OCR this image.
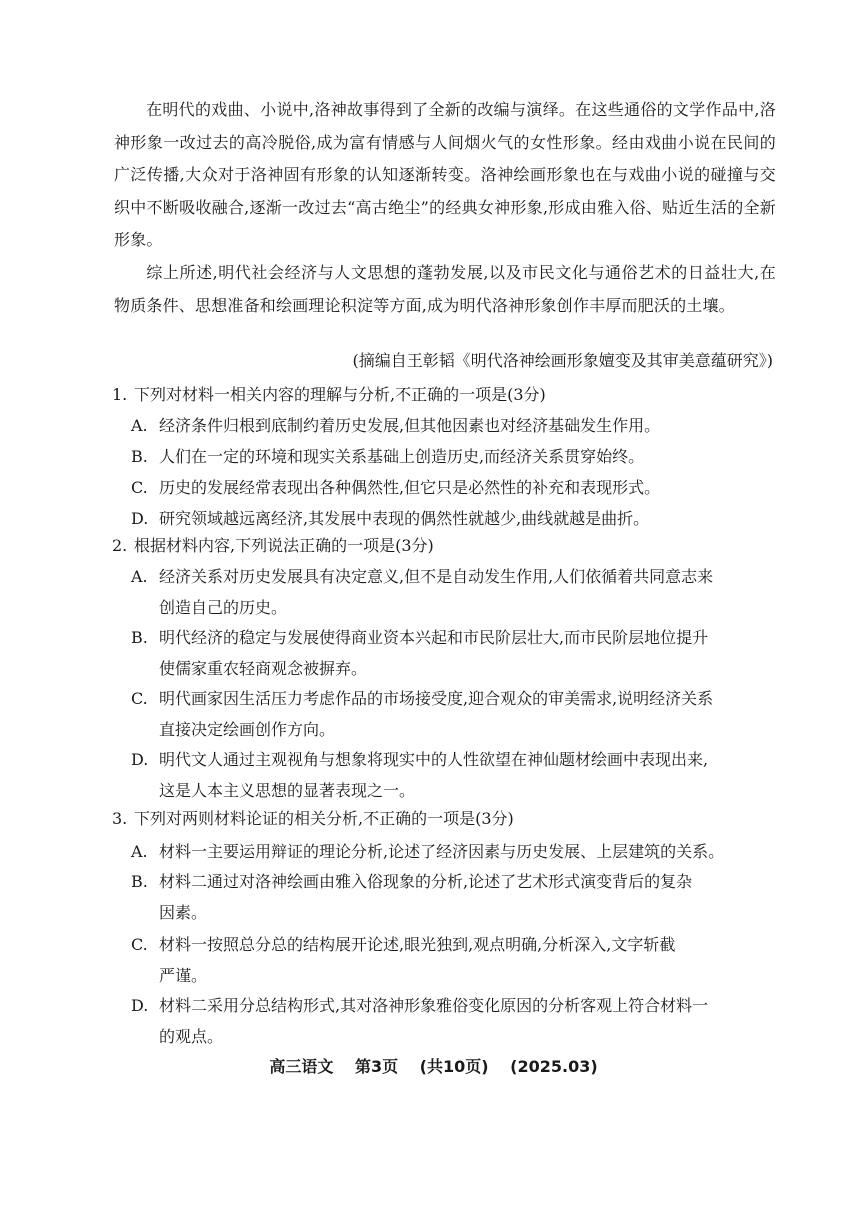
在明代的戏曲、小说中,洛神故事得到了全新的改编与演绎。在这些通俗的文学作品中,洛神形象一改过去的高冷脱俗,成为富有情感与人间烟火气的女性形象。经由戏曲小说在民间的广泛传播,大众对于洛神固有形象的认知逐渐转变。洛神绘画形象也在与戏曲小说的碰撞与交织中不断吸收融合,逐渐一改过去“高古绝尘”的经典女神形象,形成由雅入俗、贴近生活的全新形象。
综上所述,明代社会经济与人文思想的蓬勃发展,以及市民文化与通俗艺术的日益壮大,在物质条件、思想准备和绘画理论积淀等方面,成为明代洛神形象创作丰厚而肥沃的土壤。
(摘编自王彰韬《明代洛神绘画形象嬗变及其审美意蕴研究》)
1. 下列对材料一相关内容的理解与分析,不正确的一项是(3分)
A. 经济条件归根到底制约着历史发展,但其他因素也对经济基础发生作用。
B. 人们在一定的环境和现实关系基础上创造历史,而经济关系贯穿始终。
C. 历史的发展经常表现出各种偶然性,但它只是必然性的补充和表现形式。
D. 研究领域越远离经济,其发展中表现的偶然性就越少,曲线就越是曲折。
2. 根据材料内容,下列说法正确的一项是(3分)
A. 经济关系对历史发展具有决定意义,但不是自动发生作用,人们依循着共同意志来
创造自己的历史。
B. 明代经济的稳定与发展使得商业资本兴起和市民阶层壮大,而市民阶层地位提升
使儒家重农轻商观念被摒弃。
C. 明代画家因生活压力考虑作品的市场接受度,迎合观众的审美需求,说明经济关系
直接决定绘画创作方向。
D. 明代文人通过主观视角与想象将现实中的人性欲望在神仙题材绘画中表现出来,
这是人本主义思想的显著表现之一。
3. 下列对两则材料论证的相关分析,不正确的一项是(3分)
A. 材料一主要运用辩证的理论分析,论述了经济因素与历史发展、上层建筑的关系。
B. 材料二通过对洛神绘画由雅入俗现象的分析,论述了艺术形式演变背后的复杂
因素。
C. 材料一按照总分总的结构展开论述,眼光独到,观点明确,分析深入,文字斩截
严谨。
D. 材料二采用分总结构形式,其对洛神形象雅俗变化原因的分析客观上符合材料一
的观点。
高三语文 第3页 (共10页) (2025.03)
